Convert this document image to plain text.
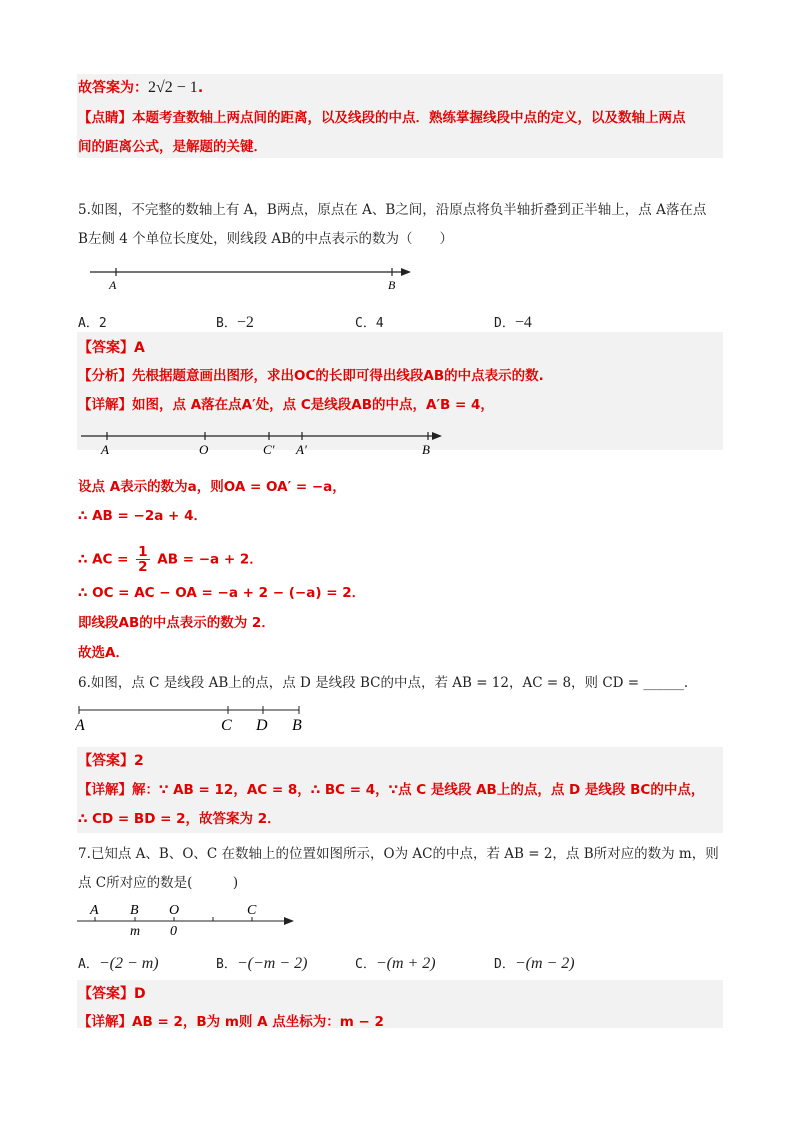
故答案为：2√2 − 1.
【点睛】本题考查数轴上两点间的距离，以及线段的中点．熟练掌握线段中点的定义，以及数轴上两点
间的距离公式，是解题的关键．
5.如图，不完整的数轴上有 A，B两点，原点在 A、B之间，沿原点将负半轴折叠到正半轴上，点 A落在点
B左侧 4 个单位长度处，则线段 AB的中点表示的数为（　　）
A	B
A．2	B．−2	C．4	D．−4
【答案】A
【分析】先根据题意画出图形，求出OC的长即可得出线段AB的中点表示的数.
【详解】如图，点 A落在点A′处，点 C是线段AB的中点，A′B = 4，
A	O	C′ A′	B
设点 A表示的数为a，则OA = OA′ = −a，
∴ AB = −2a + 4．
∴ AC = $\frac{1}{2}$ AB = −a + 2．
∴ OC = AC − OA = −a + 2 − (−a) = 2．
即线段AB的中点表示的数为 2．
故选A．
6.如图，点 C 是线段 AB上的点，点 D 是线段 BC的中点，若 AB = 12，AC = 8，则 CD = ______.
A	C D B
【答案】2
【详解】解：∵ AB = 12，AC = 8，∴ BC = 4，∵点 C 是线段 AB上的点，点 D 是线段 BC的中点，
∴ CD = BD = 2，故答案为 2．
7.已知点 A、B、O、C 在数轴上的位置如图所示，O为 AC的中点，若 AB = 2，点 B所对应的数为 m，则
点 C所对应的数是(　　　)
A B O	C
m 0
A．−(2 − m)	B．−(−m − 2)	C．−(m + 2)	D．−(m − 2)
【答案】D
【详解】AB = 2，B为 m则 A 点坐标为：m − 2
